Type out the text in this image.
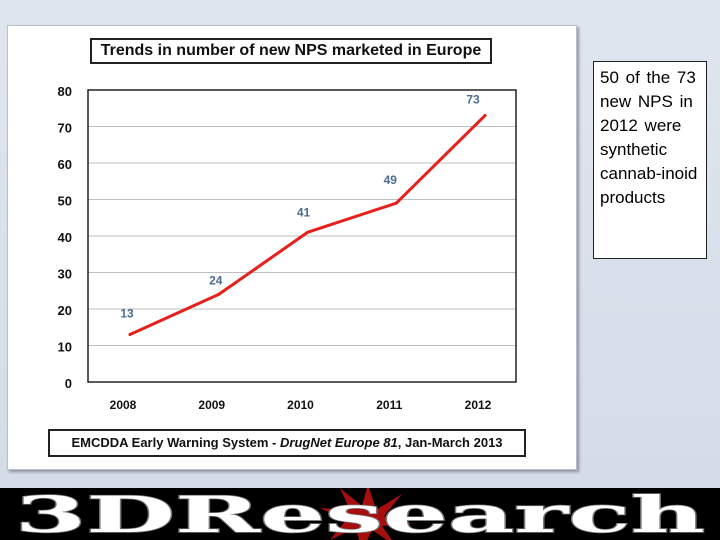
0
10
20
30
40
50
60
70
80
2008	2009	2010	2011	2012
13
24
41
49
73
Trends in number of new NPS marketed in Europe
EMCDDA Early Warning System - DrugNet Europe 81, Jan-March 2013
50 of the 73 new NPS in 2012 were synthetic cannab-inoid products
3DResearch
